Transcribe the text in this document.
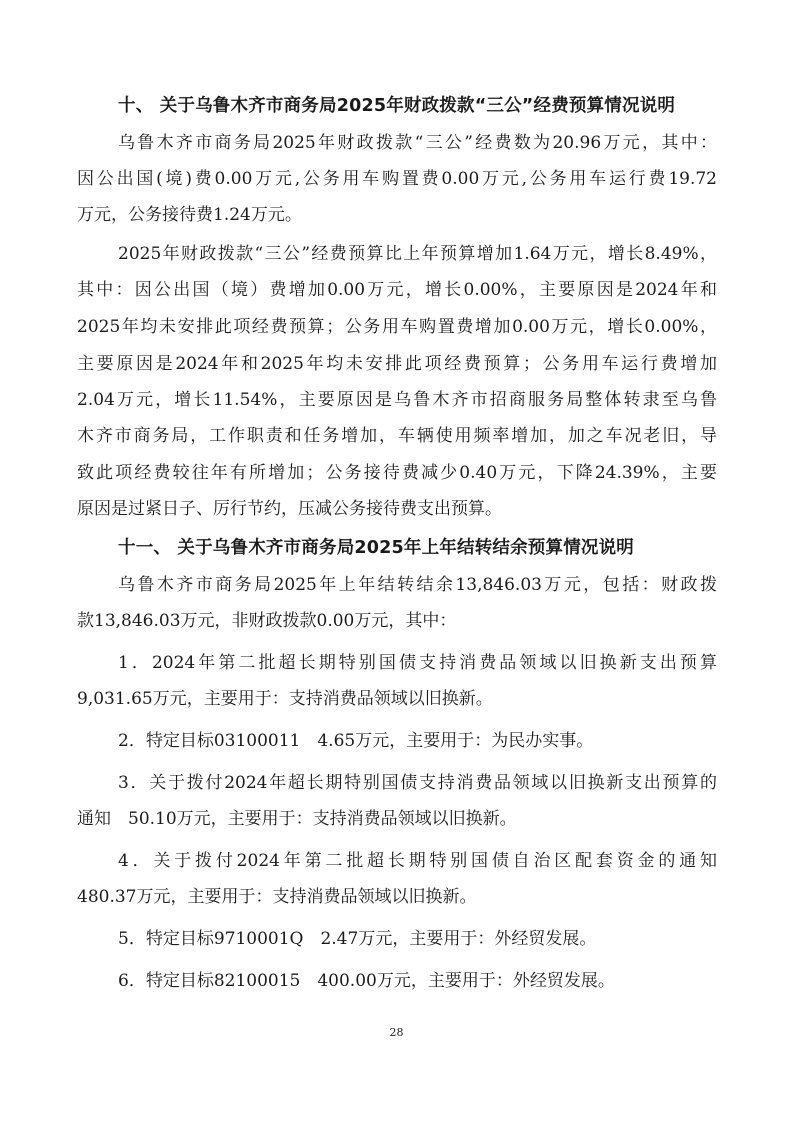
十、 关于乌鲁木齐市商务局2025年财政拨款“三公”经费预算情况说明
乌鲁木齐市商务局2025年财政拨款“三公”经费数为20.96万元，其中：
因公出国(境)费0.00万元,公务用车购置费0.00万元,公务用车运行费19.72
万元，公务接待费1.24万元。
2025年财政拨款“三公”经费预算比上年预算增加1.64万元，增长8.49%，
其中：因公出国（境）费增加0.00万元，增长0.00%，主要原因是2024年和
2025年均未安排此项经费预算；公务用车购置费增加0.00万元，增长0.00%，
主要原因是2024年和2025年均未安排此项经费预算；公务用车运行费增加
2.04万元，增长11.54%，主要原因是乌鲁木齐市招商服务局整体转隶至乌鲁
木齐市商务局，工作职责和任务增加，车辆使用频率增加，加之车况老旧，导
致此项经费较往年有所增加；公务接待费减少0.40万元，下降24.39%，主要
原因是过紧日子、厉行节约，压减公务接待费支出预算。
十一、 关于乌鲁木齐市商务局2025年上年结转结余预算情况说明
乌鲁木齐市商务局2025年上年结转结余13,846.03万元，包括：财政拨
款13,846.03万元，非财政拨款0.00万元，其中：
1．2024年第二批超长期特别国债支持消费品领域以旧换新支出预算
9,031.65万元，主要用于：支持消费品领域以旧换新。
2．特定目标03100011　4.65万元，主要用于：为民办实事。
3．关于拨付2024年超长期特别国债支持消费品领域以旧换新支出预算的
通知　50.10万元，主要用于：支持消费品领域以旧换新。
4．关于拨付2024年第二批超长期特别国债自治区配套资金的通知
480.37万元，主要用于：支持消费品领域以旧换新。
5．特定目标9710001Q　2.47万元，主要用于：外经贸发展。
6．特定目标82100015　400.00万元，主要用于：外经贸发展。
28
